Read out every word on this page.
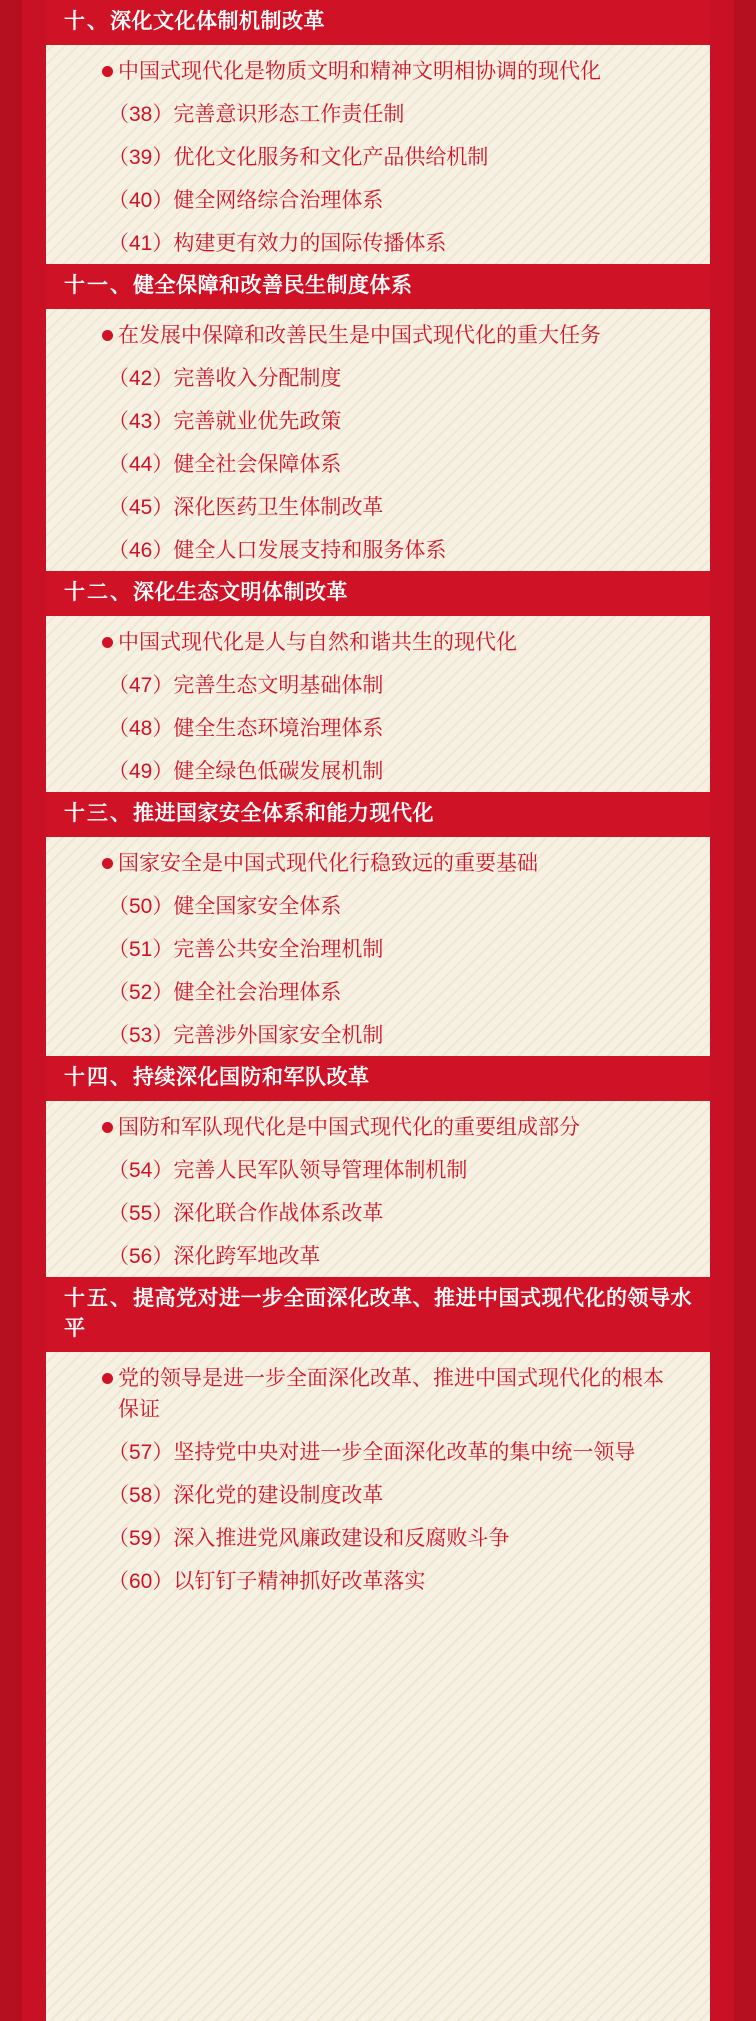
十、深化文化体制机制改革
中国式现代化是物质文明和精神文明相协调的现代化
（38） 完善意识形态工作责任制
（39） 优化文化服务和文化产品供给机制
（40） 健全网络综合治理体系
（41） 构建更有效力的国际传播体系
十一、健全保障和改善民生制度体系
在发展中保障和改善民生是中国式现代化的重大任务
（42） 完善收入分配制度
（43） 完善就业优先政策
（44） 健全社会保障体系
（45） 深化医药卫生体制改革
（46） 健全人口发展支持和服务体系
十二、深化生态文明体制改革
中国式现代化是人与自然和谐共生的现代化
（47） 完善生态文明基础体制
（48） 健全生态环境治理体系
（49） 健全绿色低碳发展机制
十三、推进国家安全体系和能力现代化
国家安全是中国式现代化行稳致远的重要基础
（50） 健全国家安全体系
（51） 完善公共安全治理机制
（52） 健全社会治理体系
（53） 完善涉外国家安全机制
十四、持续深化国防和军队改革
国防和军队现代化是中国式现代化的重要组成部分
（54） 完善人民军队领导管理体制机制
（55） 深化联合作战体系改革
（56） 深化跨军地改革
十五、提高党对进一步全面深化改革、推进中国式现代化的领导水平
党的领导是进一步全面深化改革、推进中国式现代化的根本保证
（57） 坚持党中央对进一步全面深化改革的集中统一领导
（58） 深化党的建设制度改革
（59） 深入推进党风廉政建设和反腐败斗争
（60） 以钉钉子精神抓好改革落实
